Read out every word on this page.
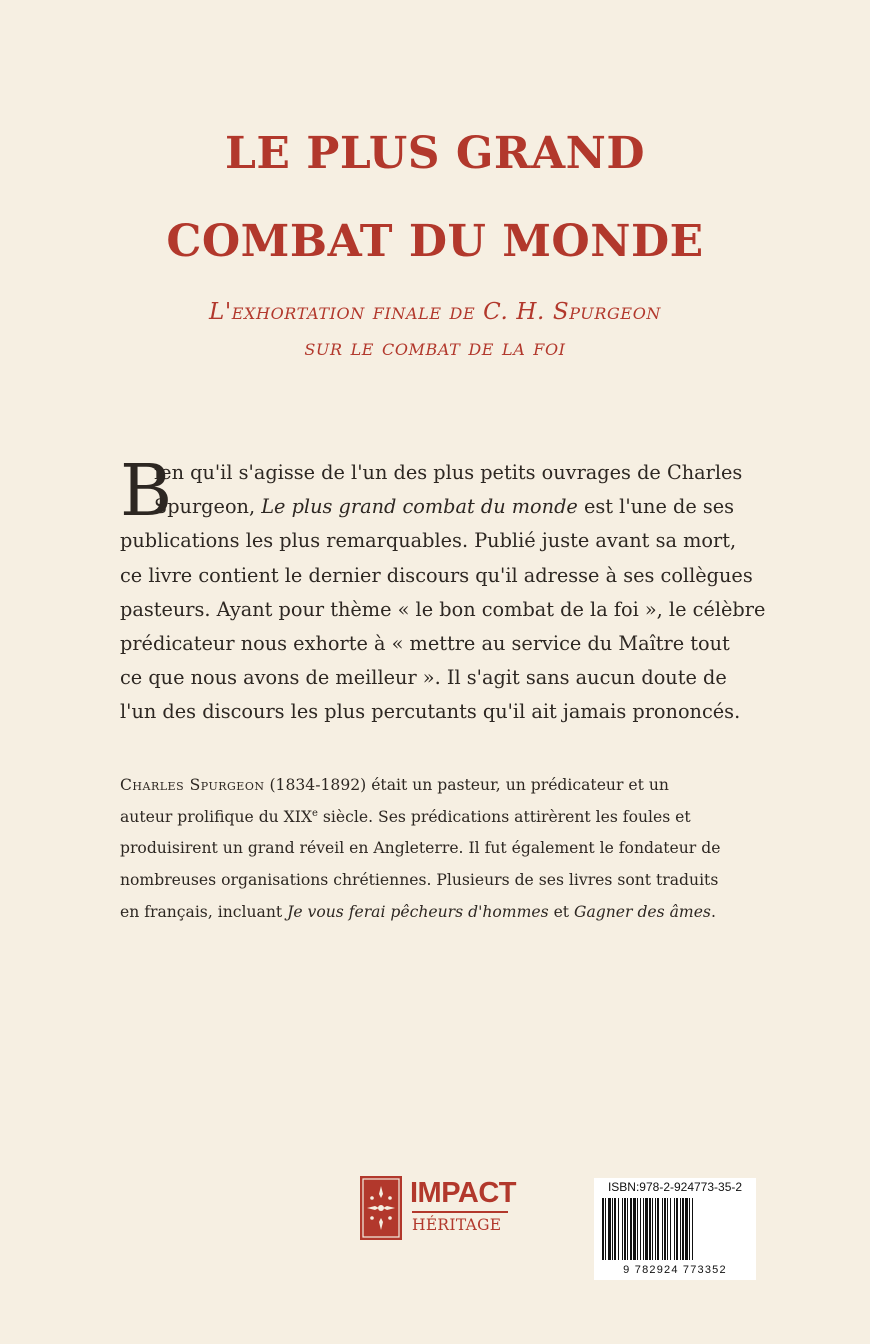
LE PLUS GRAND
COMBAT DU MONDE
L'exhortation finale de C. H. Spurgeon
sur le combat de la foi
B
ien qu'il s'agisse de l'un des plus petits ouvrages de Charles
Spurgeon, Le plus grand combat du monde est l'une de ses
publications les plus remarquables. Publié juste avant sa mort,
ce livre contient le dernier discours qu'il adresse à ses collègues
pasteurs. Ayant pour thème « le bon combat de la foi », le célèbre
prédicateur nous exhorte à « mettre au service du Maître tout
ce que nous avons de meilleur ». Il s'agit sans aucun doute de
l'un des discours les plus percutants qu'il ait jamais prononcés.
Charles Spurgeon (1834-1892) était un pasteur, un prédicateur et un
auteur prolifique du XIXe siècle. Ses prédications attirèrent les foules et
produisirent un grand réveil en Angleterre. Il fut également le fondateur de
nombreuses organisations chrétiennes. Plusieurs de ses livres sont traduits
en français, incluant Je vous ferai pêcheurs d'hommes et Gagner des âmes.
IMPACT
HÉRITAGE
ISBN:978-2-924773-35-2
9 782924 773352
